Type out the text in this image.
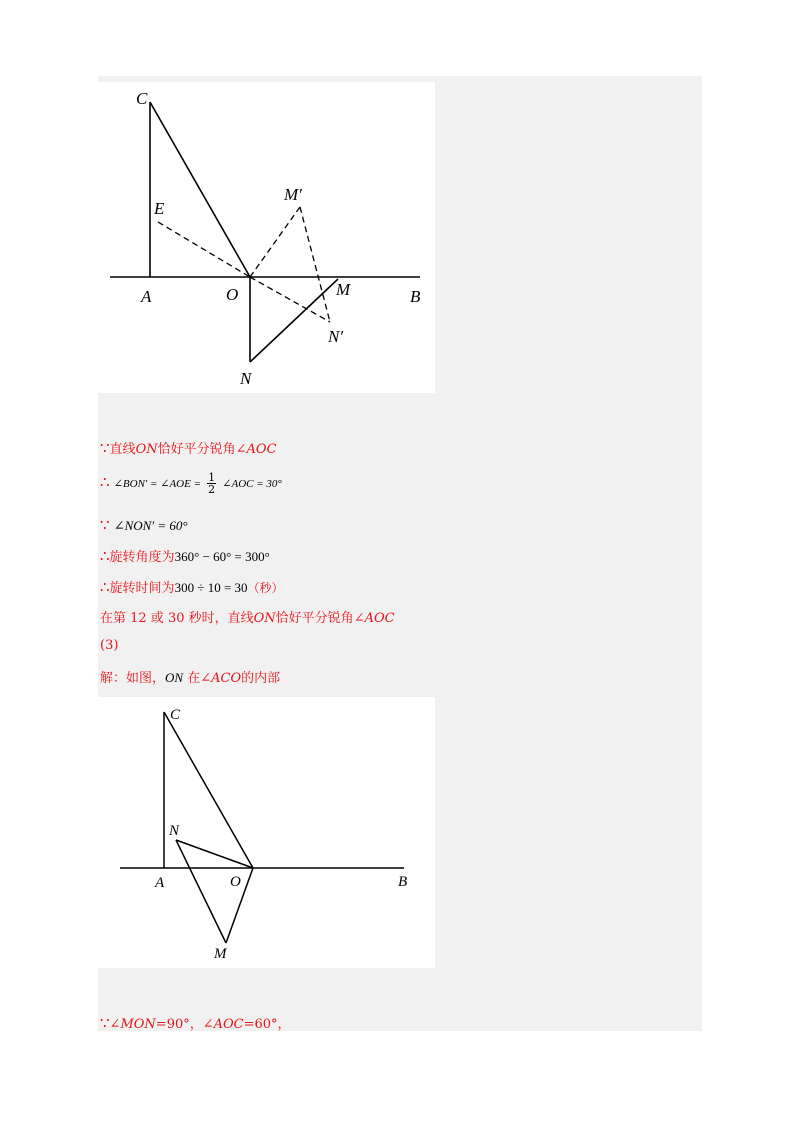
C
E
M′
A	O	M	B
N′
N
∵直线ON恰好平分锐角∠AOC
∴ ∠BON′ = ∠AOE = $\frac{1}{2}$ ∠AOC = 30°
∵ ∠NON′ = 60°
∴旋转角度为360° − 60° = 300°
∴旋转时间为300 ÷ 10 = 30（秒）
在第 12 或 30 秒时，直线ON恰好平分锐角∠AOC
(3)
解：如图，ON 在∠ACO的内部
C
N
A	O	B
M
∵∠MON=90°，∠AOC=60°，
